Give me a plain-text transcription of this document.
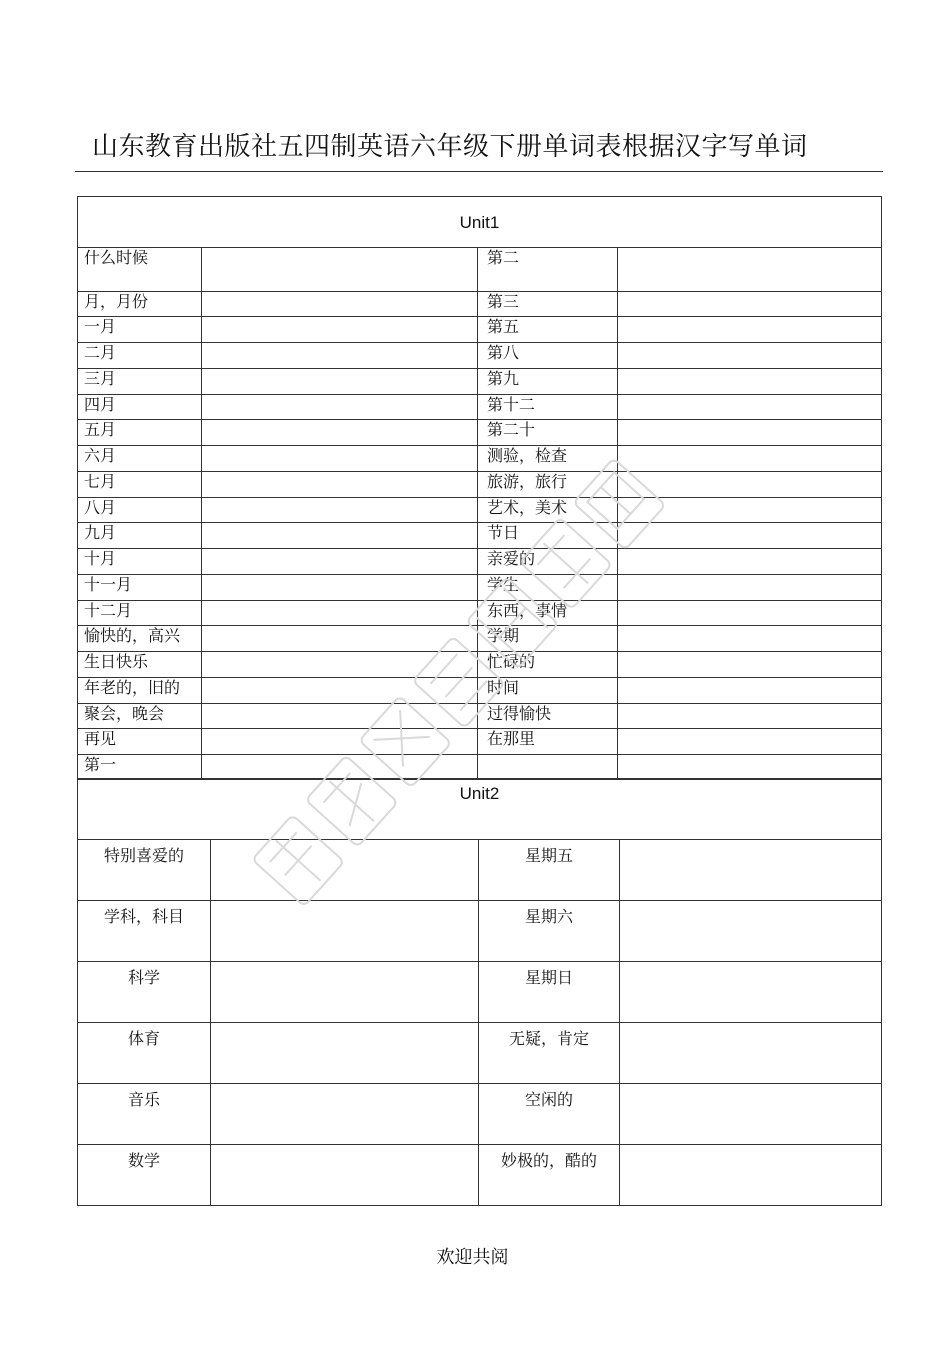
山东教育出版社五四制英语六年级下册单词表根据汉字写单词
Unit1			
什么时候		第二	
月，月份		第三	
一月		第五	
二月		第八	
三月		第九	
四月		第十二	
五月		第二十	
六月		测验，检查	
七月		旅游，旅行	
八月		艺术，美术	
九月		节日	
十月		亲爱的	
十一月		学生	
十二月		东西，事情	
愉快的，高兴		学期	
生日快乐		忙碌的	
年老的，旧的		时间	
聚会，晚会		过得愉快	
再见		在那里	
第一			
Unit2			
特别喜爱的		星期五	
学科，科目		星期六	
科学		星期日	
体育		无疑，肯定	
音乐		空闲的	
数学		妙极的，酷的	
欢迎共阅
